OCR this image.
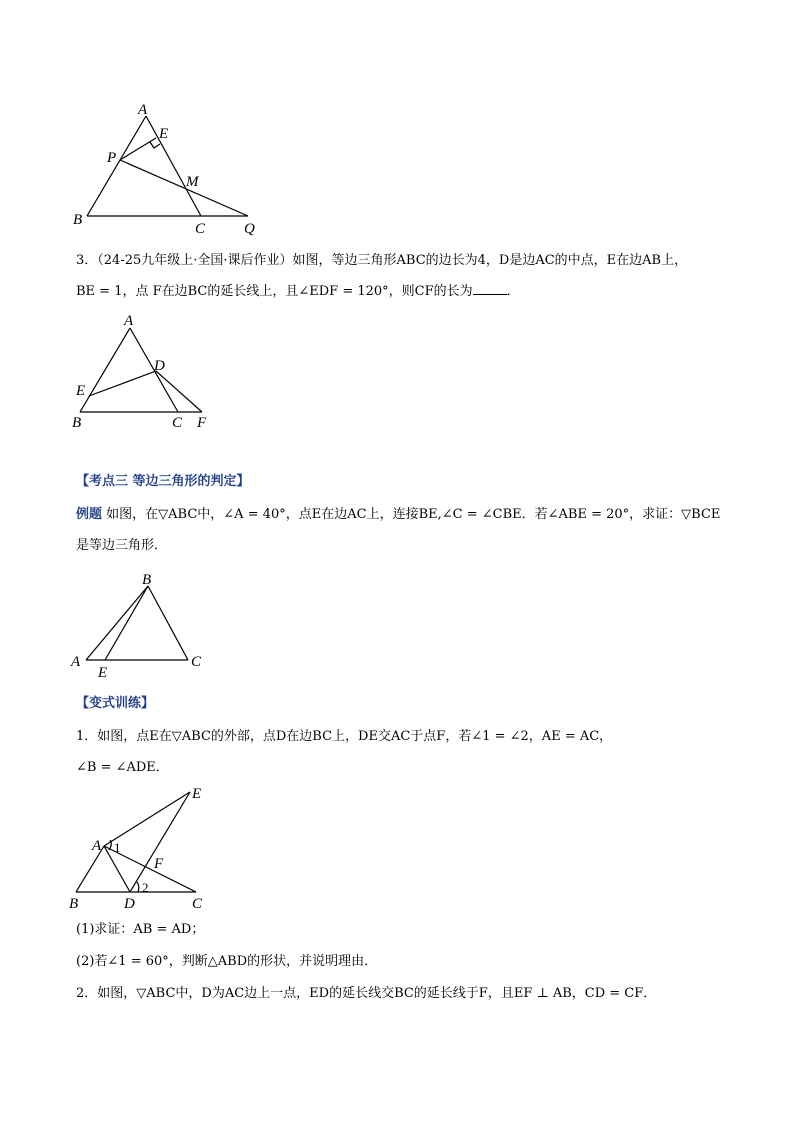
A
E
P
M
B
C	Q
3．（24-25九年级上·全国·课后作业）如图，等边三角形ABC的边长为4，D是边AC的中点，E在边AB上，
BE = 1，点 F在边BC的延长线上，且∠EDF = 120°，则CF的长为	．
A
D
E
B	C F
【考点三 等边三角形的判定】
例题 如图，在▽ABC中，∠A = 40°，点E在边AC上，连接BE,∠C = ∠CBE．若∠ABE = 20°，求证：▽BCE
是等边三角形．
B
A	C
E
【变式训练】
1．如图，点E在▽ABC的外部，点D在边BC上，DE交AC于点F，若∠1 = ∠2，AE = AC，
∠B = ∠ADE．
E
A 1
F
2
B	D	C
(1)求证：AB = AD；
(2)若∠1 = 60°，判断△ABD的形状，并说明理由．
2．如图，▽ABC中，D为AC边上一点，ED的延长线交BC的延长线于F，且EF ⊥ AB，CD = CF．
